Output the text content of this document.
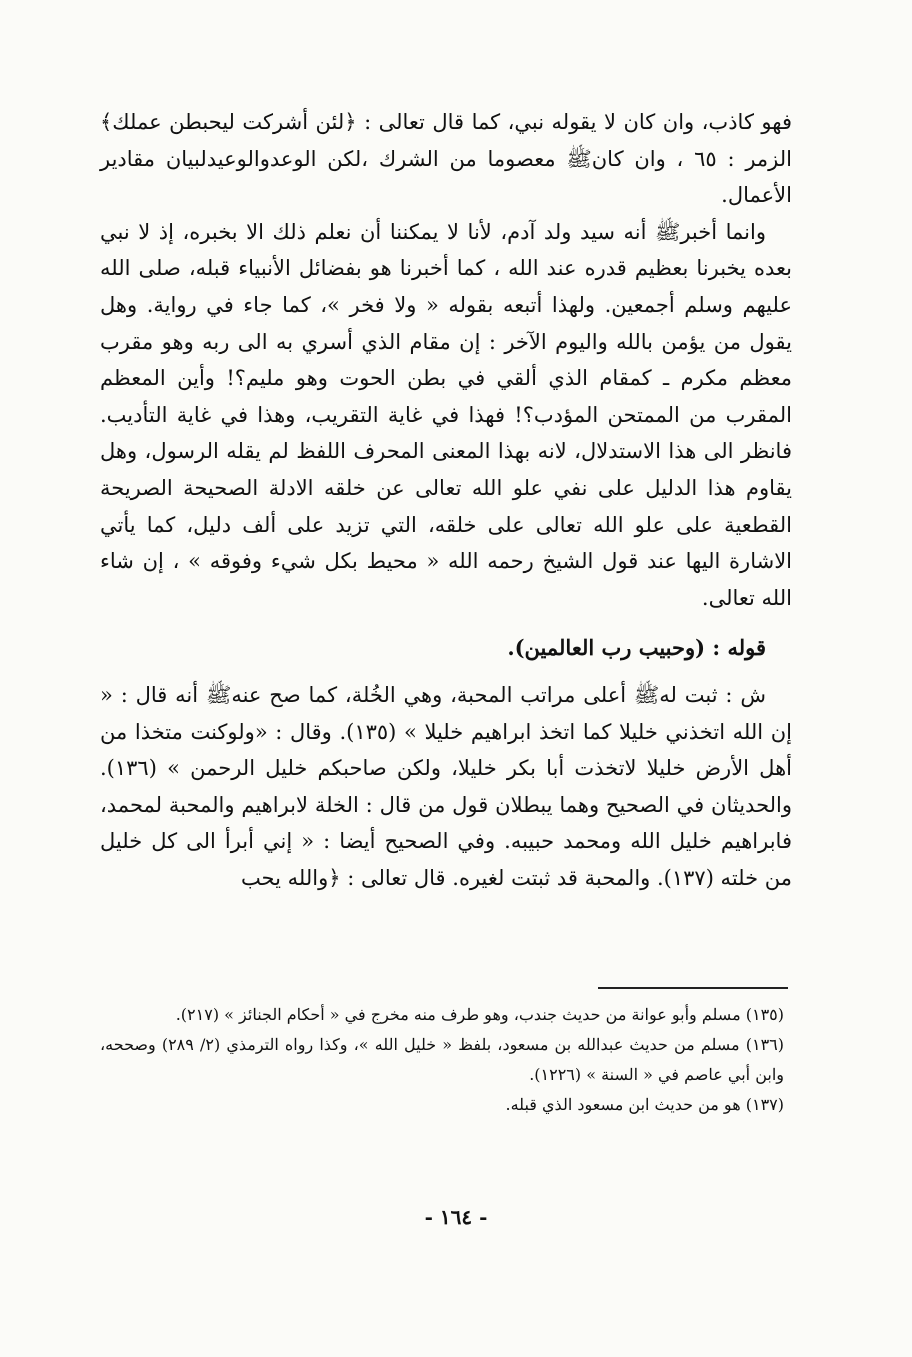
فهو كاذب، وان كان لا يقوله نبي، كما قال تعالى : ﴿لئن أشركت ليحبطن عملك﴾ الزمر : ٦٥ ، وان كانﷺ معصوما من الشرك ،لكن الوعدوالوعيدلبيان مقادير الأعمال.

وانما أخبرﷺ أنه سيد ولد آدم، لأنا لا يمكننا أن نعلم ذلك الا بخبره، إذ لا نبي بعده يخبرنا بعظيم قدره عند الله ، كما أخبرنا هو بفضائل الأنبياء قبله، صلى الله عليهم وسلم أجمعين. ولهذا أتبعه بقوله « ولا فخر »، كما جاء في رواية. وهل يقول من يؤمن بالله واليوم الآخر : إن مقام الذي أسري به الى ربه وهو مقرب معظم مكرم ـ كمقام الذي ألقي في بطن الحوت وهو مليم؟! وأين المعظم المقرب من الممتحن المؤدب؟! فهذا في غاية التقريب، وهذا في غاية التأديب. فانظر الى هذا الاستدلال، لانه بهذا المعنى المحرف اللفظ لم يقله الرسول، وهل يقاوم هذا الدليل على نفي علو الله تعالى عن خلقه الادلة الصحيحة الصريحة القطعية على علو الله تعالى على خلقه، التي تزيد على ألف دليل، كما يأتي الاشارة اليها عند قول الشيخ رحمه الله « محيط بكل شيء وفوقه » ، إن شاء الله تعالى.

قوله : (وحبيب رب العالمين).

ش : ثبت لهﷺ أعلى مراتب المحبة، وهي الخُلة، كما صح عنهﷺ أنه قال : « إن الله اتخذني خليلا كما اتخذ ابراهيم خليلا » (١٣٥). وقال : «ولوكنت متخذا من أهل الأرض خليلا لاتخذت أبا بكر خليلا، ولكن صاحبكم خليل الرحمن » (١٣٦). والحديثان في الصحيح وهما يبطلان قول من قال : الخلة لابراهيم والمحبة لمحمد، فابراهيم خليل الله ومحمد حبيبه. وفي الصحيح أيضا : « إني أبرأ الى كل خليل من خلته (١٣٧). والمحبة قد ثبتت لغيره. قال تعالى : ﴿والله يحب

(١٣٥) مسلم وأبو عوانة من حديث جندب، وهو طرف منه مخرج في « أحكام الجنائز » (٢١٧).

(١٣٦) مسلم من حديث عبدالله بن مسعود، بلفظ « خليل الله »، وكذا رواه الترمذي (٢/ ٢٨٩) وصححه، وابن أبي عاصم في « السنة » (١٢٢٦).

(١٣٧) هو من حديث ابن مسعود الذي قبله.

- ١٦٤ -
